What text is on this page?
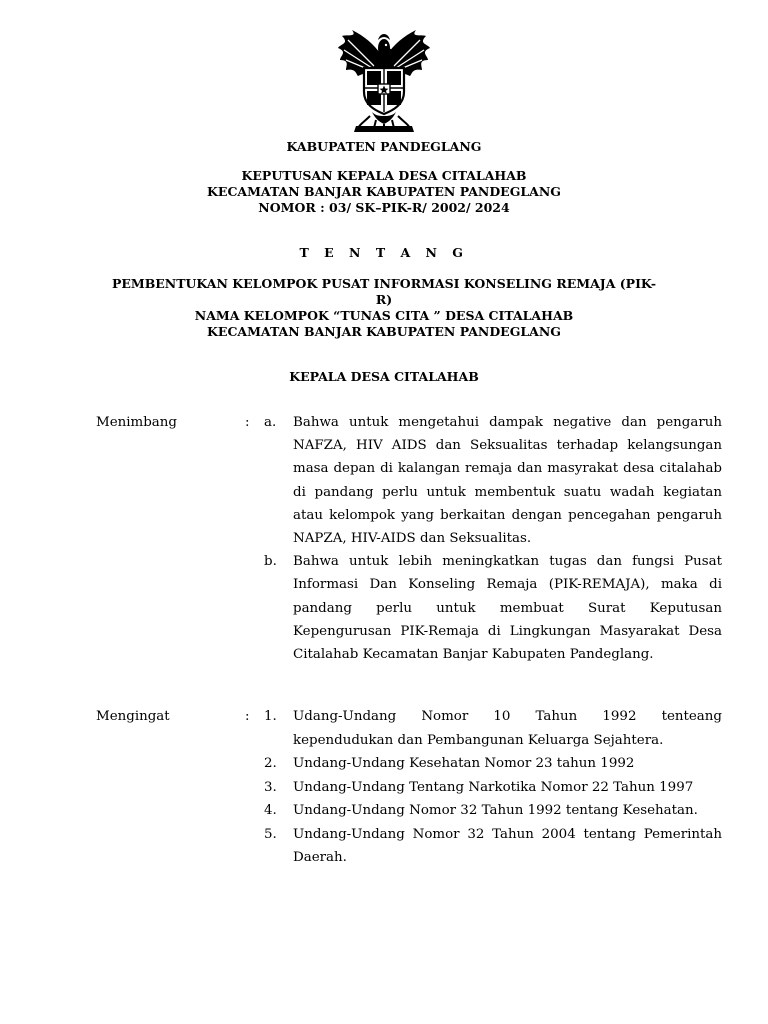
KABUPATEN PANDEGLANG
KEPUTUSAN KEPALA DESA CITALAHAB
KECAMATAN BANJAR KABUPATEN PANDEGLANG
NOMOR : 03/ SK–PIK-R/ 2002/ 2024
T E N T A N G
PEMBENTUKAN KELOMPOK PUSAT INFORMASI KONSELING REMAJA (PIK-
R)
NAMA KELOMPOK “TUNAS CITA ” DESA CITALAHAB
KECAMATAN BANJAR KABUPATEN PANDEGLANG
KEPALA DESA CITALAHAB
Menimbang	: a. Bahwa untuk mengetahui dampak negative dan pengaruh NAFZA, HIV AIDS dan Seksualitas terhadap kelangsungan masa depan di kalangan remaja dan masyrakat desa citalahab di pandang perlu untuk membentuk suatu wadah kegiatan atau kelompok yang berkaitan dengan pencegahan pengaruh NAPZA, HIV-AIDS dan Seksualitas.
b. Bahwa untuk lebih meningkatkan tugas dan fungsi Pusat Informasi Dan Konseling Remaja (PIK-REMAJA), maka di pandang perlu untuk membuat Surat Keputusan Kepengurusan PIK-Remaja di Lingkungan Masyarakat Desa Citalahab Kecamatan Banjar Kabupaten Pandeglang.
Mengingat	: 1. Udang-Undang Nomor 10 Tahun 1992 tenteang kependudukan dan Pembangunan Keluarga Sejahtera.
2. Undang-Undang Kesehatan Nomor 23 tahun 1992
3. Undang-Undang Tentang Narkotika Nomor 22 Tahun 1997
4. Undang-Undang Nomor 32 Tahun 1992 tentang Kesehatan.
5. Undang-Undang Nomor 32 Tahun 2004 tentang Pemerintah Daerah.
